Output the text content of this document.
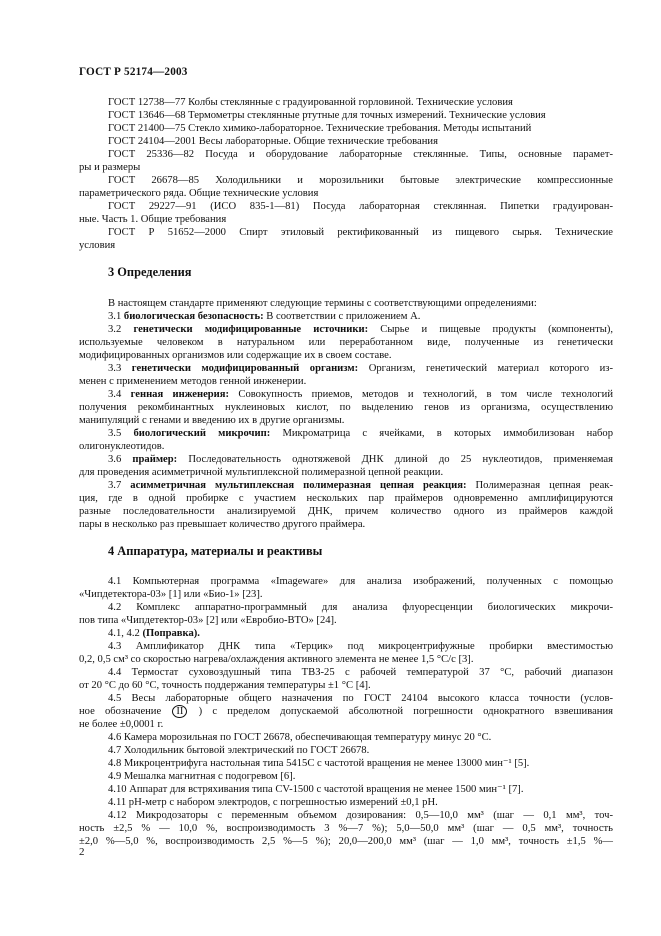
ГОСТ Р 52174—2003
ГОСТ 12738—77 Колбы стеклянные с градуированной горловиной. Технические условия
ГОСТ 13646—68 Термометры стеклянные ртутные для точных измерений. Технические условия
ГОСТ 21400—75 Стекло химико-лабораторное. Технические требования. Методы испытаний
ГОСТ 24104—2001 Весы лабораторные. Общие технические требования
ГОСТ 25336—82 Посуда и оборудование лабораторные стеклянные. Типы, основные парамет-
ры и размеры
ГОСТ 26678—85 Холодильники и морозильники бытовые электрические компрессионные
параметрического ряда. Общие технические условия
ГОСТ 29227—91 (ИСО 835-1—81) Посуда лабораторная стеклянная. Пипетки градуирован-
ные. Часть 1. Общие требования
ГОСТ Р 51652—2000 Спирт этиловый ректификованный из пищевого сырья. Технические
условия
3 Определения
В настоящем стандарте применяют следующие термины с соответствующими определениями:
3.1 биологическая безопасность: В соответствии с приложением А.
3.2 генетически модифицированные источники: Сырье и пищевые продукты (компоненты),
используемые человеком в натуральном или переработанном виде, полученные из генетически
модифицированных организмов или содержащие их в своем составе.
3.3 генетически модифицированный организм: Организм, генетический материал которого из-
менен с применением методов генной инженерии.
3.4 генная инженерия: Совокупность приемов, методов и технологий, в том числе технологий
получения рекомбинантных нуклеиновых кислот, по выделению генов из организма, осуществлению
манипуляций с генами и введению их в другие организмы.
3.5 биологический микрочип: Микроматрица с ячейками, в которых иммобилизован набор
олигонуклеотидов.
3.6 праймер: Последовательность однотяжевой ДНК длиной до 25 нуклеотидов, применяемая
для проведения асимметричной мультиплексной полимеразной цепной реакции.
3.7 асимметричная мультиплексная полимеразная цепная реакция: Полимеразная цепная реак-
ция, где в одной пробирке с участием нескольких пар праймеров одновременно амплифицируются
разные последовательности анализируемой ДНК, причем количество одного из праймеров каждой
пары в несколько раз превышает количество другого праймера.
4 Аппаратура, материалы и реактивы
4.1 Компьютерная программа «Imageware» для анализа изображений, полученных с помощью
«Чипдетектора-03» [1] или «Био-1» [23].
4.2 Комплекс аппаратно-программный для анализа флуоресценции биологических микрочи-
пов типа «Чипдетектор-03» [2] или «Евробио-ВТО» [24].
4.1, 4.2 (Поправка).
4.3 Амплификатор ДНК типа «Терцик» под микроцентрифужные пробирки вместимостью
0,2, 0,5 см³ со скоростью нагрева/охлаждения активного элемента не менее 1,5 °С/с [3].
4.4 Термостат суховоздушный типа ТВЗ-25 с рабочей температурой 37 °С, рабочий диапазон
от 20 °С до 60 °С, точность поддержания температуры ±1 °С [4].
4.5 Весы лабораторные общего назначения по ГОСТ 24104 высокого класса точности (услов-
ное обозначение II ) с пределом допускаемой абсолютной погрешности однократного взвешивания
не более ±0,0001 г.
4.6 Камера морозильная по ГОСТ 26678, обеспечивающая температуру минус 20 °С.
4.7 Холодильник бытовой электрический по ГОСТ 26678.
4.8 Микроцентрифуга настольная типа 5415С с частотой вращения не менее 13000 мин⁻¹ [5].
4.9 Мешалка магнитная с подогревом [6].
4.10 Аппарат для встряхивания типа CV-1500 с частотой вращения не менее 1500 мин⁻¹ [7].
4.11 pH-метр с набором электродов, с погрешностью измерений ±0,1 pH.
4.12 Микродозаторы с переменным объемом дозирования: 0,5—10,0 мм³ (шаг — 0,1 мм³, точ-
ность ±2,5 % — 10,0 %, воспроизводимость 3 %—7 %); 5,0—50,0 мм³ (шаг — 0,5 мм³, точность
±2,0 %—5,0 %, воспроизводимость 2,5 %—5 %); 20,0—200,0 мм³ (шаг — 1,0 мм³, точность ±1,5 %—
2
